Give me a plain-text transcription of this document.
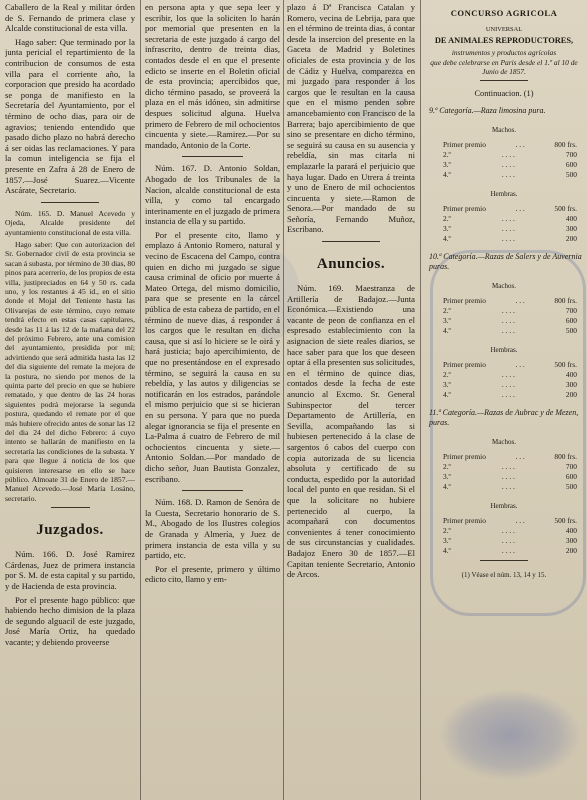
Caballero de la Real y militar órden de S. Fernando de primera clase y Alcalde constitucional de esta villa.

Hago saber: Que terminado por la junta pericial el repartimiento de la contribucion de consumos de esta villa para el corriente año, la corporacion que presido ha acordado se ponga de manifiesto en la Secretaría del Ayuntamiento, por el término de ocho dias, para oir de agravios; teniendo entendido que pasado dicho plazo no habrá derecho á ser oidas las reclamaciones. Y para la comun inteligencia se fija el presente en Zafra á 28 de Enero de 1857.—José Suarez.—Vicente Ascárate, Secretario.

Núm. 165. D. Manuel Acevedo y Ojeda, Alcalde presidente del ayuntamiento constitucional de esta villa.

Hago saber: Que con autorizacion del Sr. Gobernador civil de esta provincia se sacan á subasta, por término de 30 dias, 80 pinos para acerrerío, de los propios de esta villa, justipreciados en 64 y 50 rs. cada uno, y los restantes á 45 id., en el sitio donde el Mojal del Teniente hasta las Olivarejas de este término, cuyo remate tendrá efecto en estas casas capitulares, desde las 11 á las 12 de la mañana del 22 del próximo Febrero, ante una comision del ayuntamiento, presidida por mí; advirtiendo que será admitida hasta las 12 del dia siguiente del remate la mejora de la postura, no siendo por menos de la quinta parte del precio en que se hubiere rematado, y que dentro de las 24 horas siguientes podrá mejorarse la segunda postura, quedando el remate por el que más hubiere ofrecido antes de sonar las 12 del dia 24 del dicho Febrero: á cuyo intento se hallarán de manifiesto en la secretaría las condiciones de la subasta. Y para que llegue á noticia de los que quisieren interesarse en ello se hace público. Almoate 31 de Enero de 1857.—Manuel Acevedo.—José María Losáno, secretario.

Juzgados.

Núm. 166. D. José Ramirez Cárdenas, Juez de primera instancia por S. M. de esta capital y su partido, y de Hacienda de esta provincia.

Por el presente hago público: que habiendo hecho dimision de la plaza de segundo alguacil de este juzgado, José María Ortiz, ha quedado vacante; y debiendo proveerse

en persona apta y que sepa leer y escribir, los que la soliciten lo harán por memorial que presenten en la secretaria de este juzgado á cargo del infrascrito, dentro de treinta dias, contados desde el en que el presente edicto se inserte en el Boletin oficial de esta provincia; apercibidos que, dicho término pasado, se proveerá la plaza en el más idóneo, sin admitirse despues solicitud alguna. Huelva primero de Febrero de mil ochocientos cincuenta y siete.—Ramirez.—Por su mandado, Antonio de la Corte.

Núm. 167. D. Antonio Soldan, Abogado de los Tribunales de la Nacion, alcalde constitucional de esta villa, y como tal encargado interinamente en el juzgado de primera instancia de ella y su partido.

Por el presente cito, llamo y emplazo á Antonio Romero, natural y vecino de Escacena del Campo, contra quien en dicho mi juzgado se sigue causa criminal de oficio por muerte á Mateo Ortega, del mismo domicilio, para que se presente en la cárcel pública de esta cabeza de partido, en el término de nueve dias, á responder á los cargos que le resultan en dicha causa, que si así lo hiciere se le oirá y hará justicia; bajo apercibimiento, de que no presentándose en el expresado término, se seguirá la causa en su rebeldía, y las autos y diligencias se notificarán en los estrados, parándole el mismo perjuicio que si se hicieran en su persona. Y para que no pueda alegar ignorancia se fija el presente en La-Palma á cuatro de Febrero de mil ochocientos cincuenta y siete.—Antonio Soldan.—Por mandado de dicho señor, Juan Bautista Gonzalez, escribano.

Núm. 168. D. Ramon de Senóra de la Cuesta, Secretario honorario de S. M., Abogado de los Ilustres colegios de Granada y Almería, y Juez de primera instancia de esta villa y su partido, etc.

Por el presente, primero y último edicto cito, llamo y em-

plazo á Dª Francisca Catalan y Romero, vecina de Lebrija, para que en el término de treinta dias, á contar desde la insercion del presente en la Gaceta de Madrid y Boletines oficiales de esta provincia y de los de Cádiz y Huelva, comparezca en mi juzgado para responder á los cargos que le resultan en la causa que en el mismo penden sobre amancebamiento con Francisco de la Barrera; bajo apercibimiento de que sino se presentare en dicho término, se seguirá su causa en su ausencia y rebeldía, sin mas citarla ni emplazarle la parará el perjuicio que haya lugar. Dado en Utrera á treinta y uno de Enero de mil ochocientos cincuenta y siete.—Ramon de Senora.—Por mandado de su Señoría, Fernando Muñoz, Escribano.

Anuncios.

Núm. 169. Maestranza de Artillería de Badajoz.—Junta Económica.—Existiendo una vacante de peon de confianza en el espresado establecimiento con la asignacion de siete reales diarios, se hace saber para que los que deseen optar á ella presenten sus solicitudes, en el término de quince dias, contados desde la fecha de este anuncio al Excmo. Sr. General Subinspector del tercer Departamento de Artillería, en Sevilla, acompañando las si hubiesen pertenecido á la clase de sargentos ó cabos del cuerpo con copia autorizada de su licencia absoluta y certificado de su conducta, espedido por la autoridad local del punto en que residan. Si el que la solicitare no hubiere pertenecido al cuerpo, la acompañará con documentos convenientes á tener conocimiento de sus circunstancias y cualidades. Badajoz Enero 30 de 1857.—El Capitan teniente Secretario, Antonio de Arcos.

CONCURSO AGRICOLA
UNIVERSAL
DE ANIMALES REPRODUCTORES,
instrumentos y productos agrícolas
que debe celebrarse en Paris desde el 1.º al 10 de Junio de 1857.
Continuacion. (1)
9.ª Categoría.—Raza limosina pura.
Machos.
Primer premio	. . .	800 frs.
2.º	. . . .	700
3.º	. . . .	600
4.º	. . . .	500
Hembras.
Primer premio	. . .	500 frs.
2.º	. . . .	400
3.º	. . . .	300
4.º	. . . .	200
10.ª Categoría.—Razas de Salers y de Auvernia puras.
Machos.
Primer premio	. . .	800 frs.
2.º	. . . .	700
3.º	. . . .	600
4.º	. . . .	500
Hembras.
Primer premio	. . .	500 frs.
2.º	. . . .	400
3.º	. . . .	300
4.º	. . . .	200
11.ª Categoría.—Razas de Aubrac y de Mezen, puras.
Machos.
Primer premio	. . .	800 frs.
2.º	. . . .	700
3.º	. . . .	600
4.º	. . . .	500
Hembras.
Primer premio	. . .	500 frs.
2.º	. . . .	400
3.º	. . . .	300
4.º	. . . .	200
(1) Véase el núm. 13, 14 y 15.
